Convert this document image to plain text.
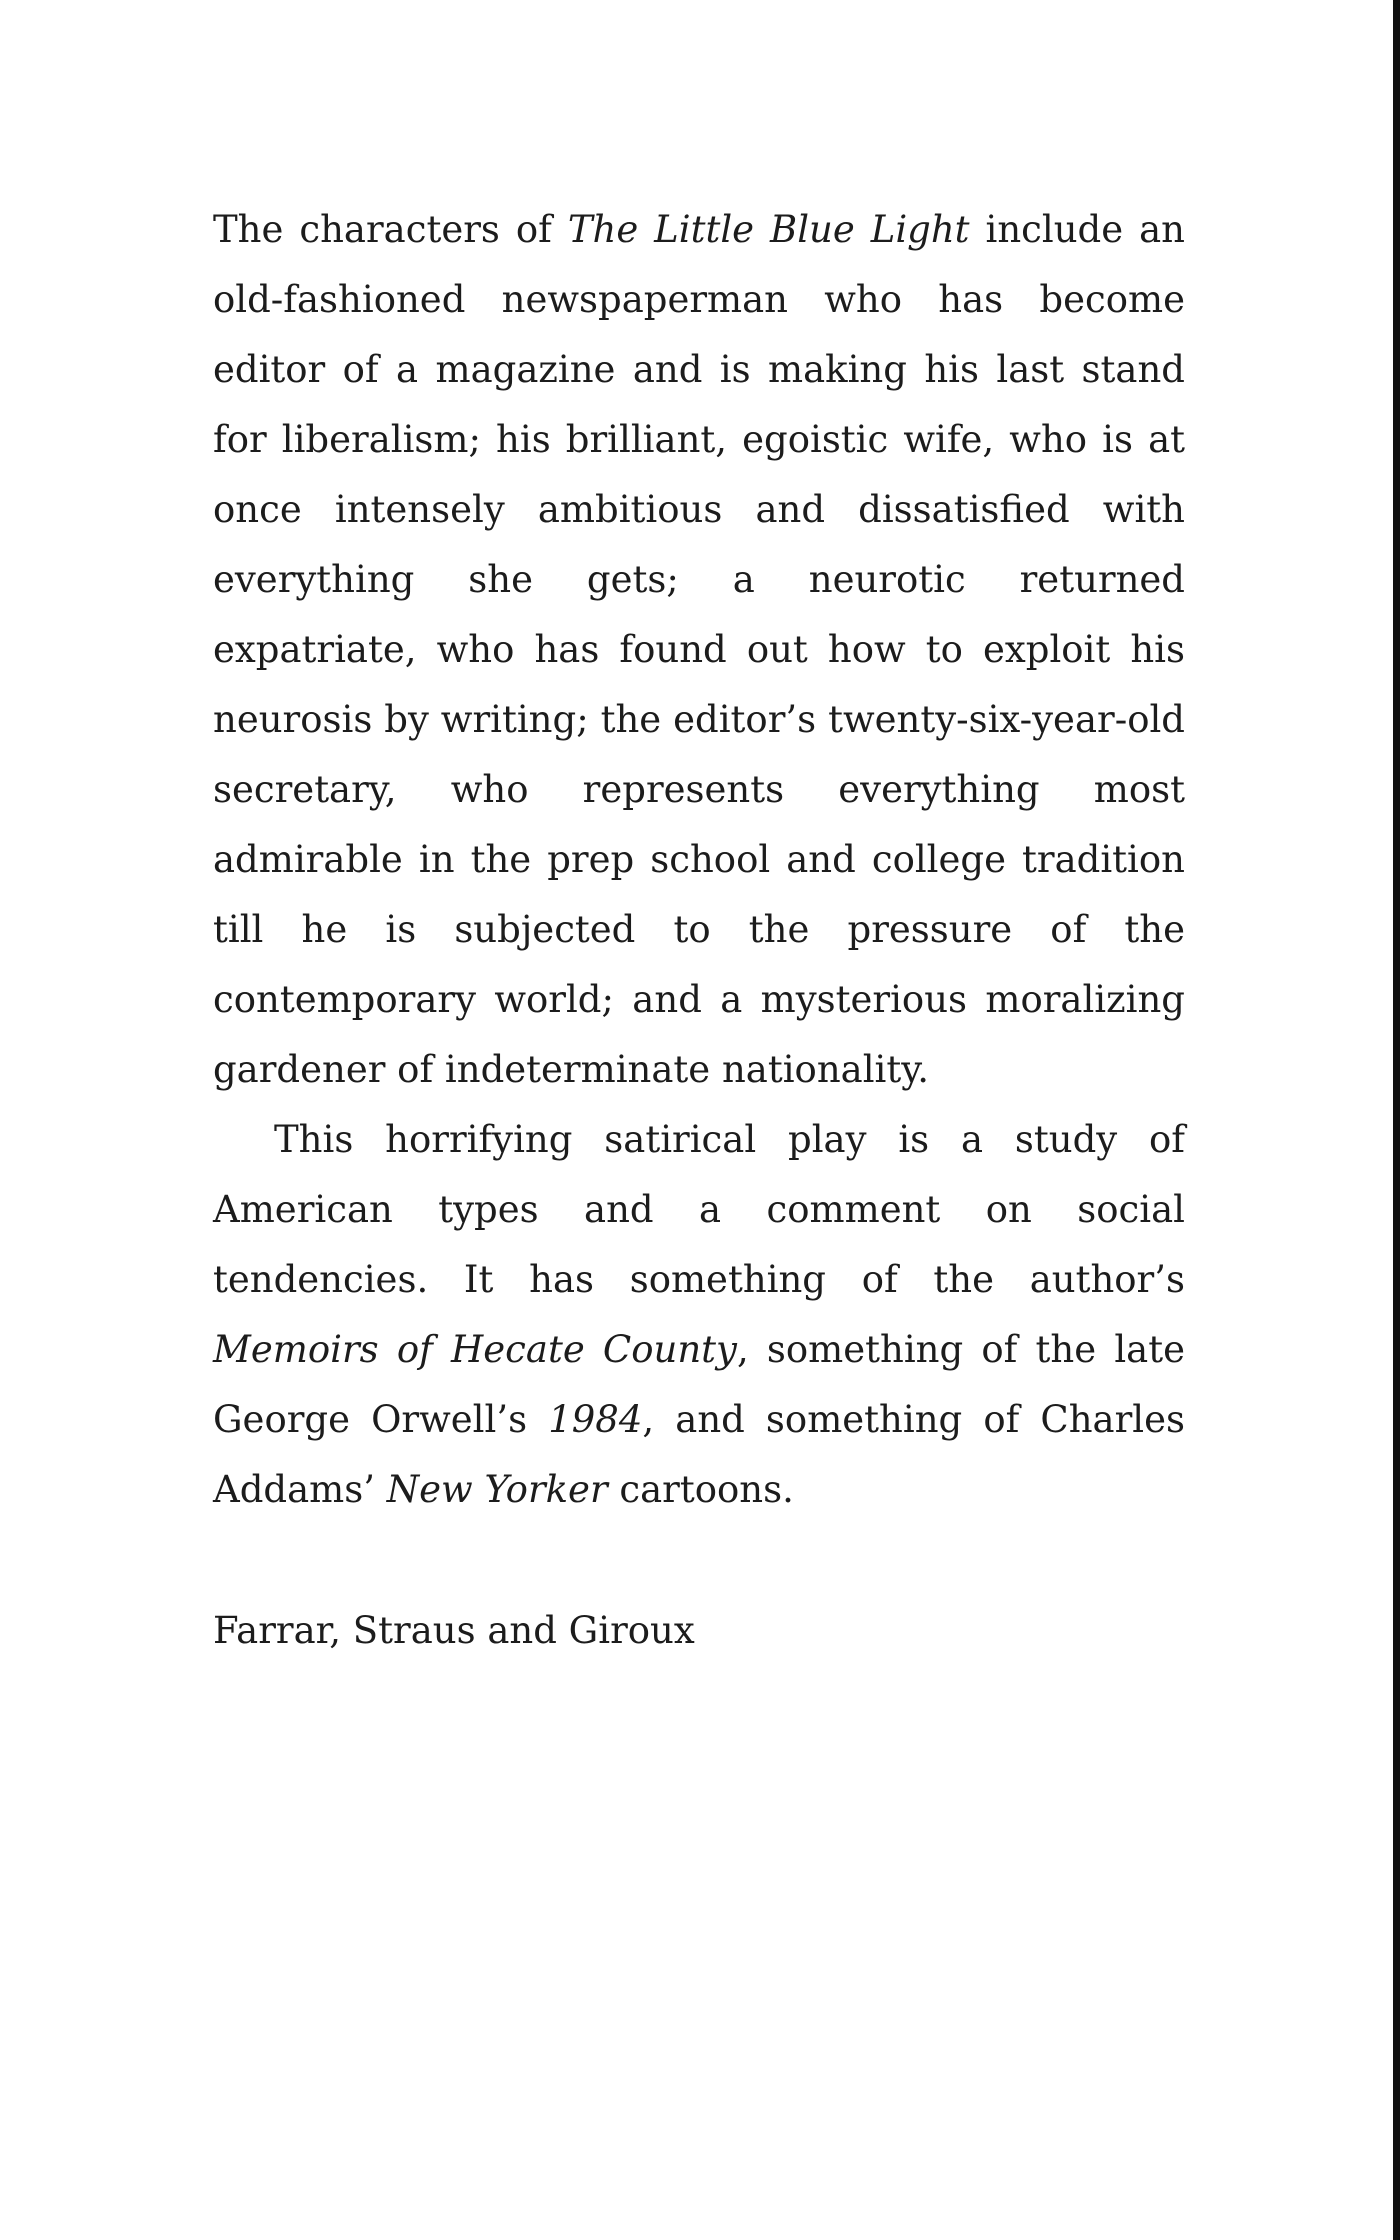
The characters of The Little Blue Light include an old-fashioned newspaperman who has become editor of a magazine and is making his last stand for liberalism; his brilliant, egoistic wife, who is at once intensely ambitious and dissatisfied with everything she gets; a neurotic returned expatriate, who has found out how to exploit his neurosis by writing; the editor’s twenty-six-year-old secretary, who represents everything most admirable in the prep school and college tradition till he is subjected to the pressure of the contemporary world; and a mysterious moralizing gardener of indeterminate nationality.

This horrifying satirical play is a study of American types and a comment on social tendencies. It has something of the author’s Memoirs of Hecate County, something of the late George Orwell’s 1984, and something of Charles Addams’ New Yorker cartoons.

Farrar, Straus and Giroux
